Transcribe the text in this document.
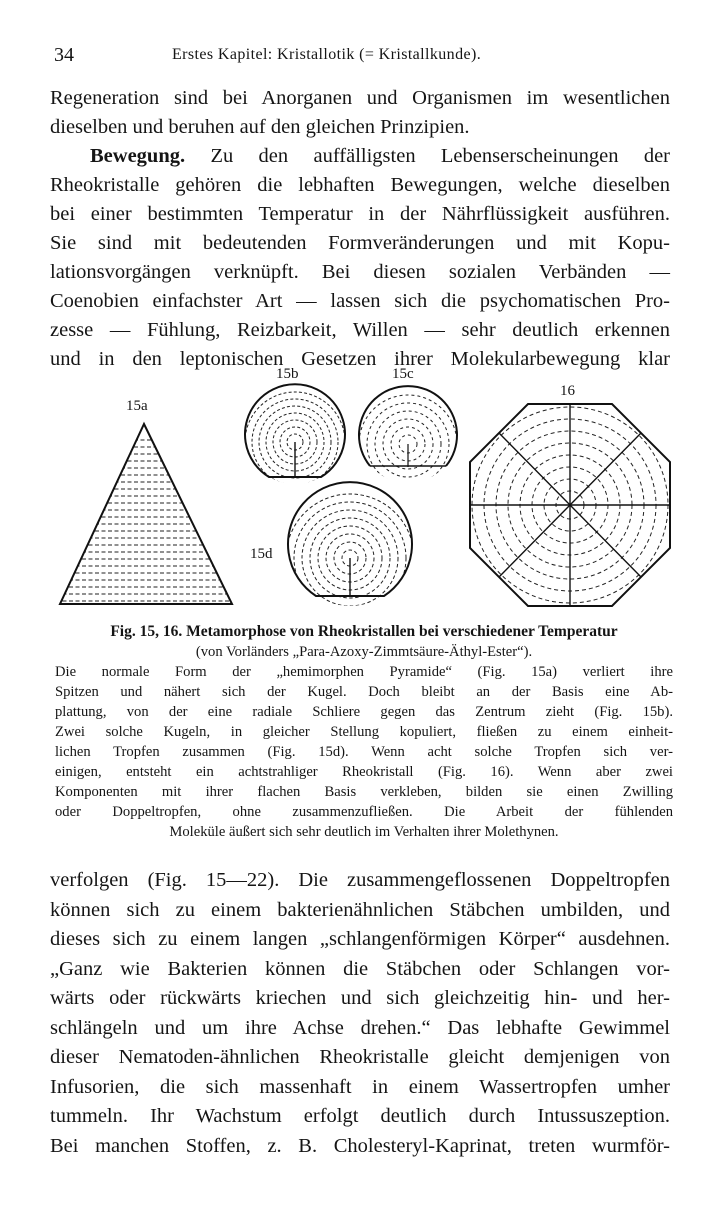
34	Erstes Kapitel: Kristallotik (= Kristallkunde).
Regeneration sind bei Anorganen und Organismen im wesentlichen
dieselben und beruhen auf den gleichen Prinzipien.
Bewegung. Zu den auffälligsten Lebenserscheinungen der
Rheokristalle gehören die lebhaften Bewegungen, welche dieselben
bei einer bestimmten Temperatur in der Nährflüssigkeit ausführen.
Sie sind mit bedeutenden Formveränderungen und mit Kopu-
lationsvorgängen verknüpft. Bei diesen sozialen Verbänden —
Coenobien einfachster Art — lassen sich die psychomatischen Pro-
zesse — Fühlung, Reizbarkeit, Willen — sehr deutlich erkennen
und in den leptonischen Gesetzen ihrer Molekularbewegung klar
15a
15b	15c
15d
16
Fig. 15, 16. Metamorphose von Rheokristallen bei verschiedener Temperatur
(von Vorländers „Para-Azoxy-Zimmtsäure-Äthyl-Ester“).
Die normale Form der „hemimorphen Pyramide“ (Fig. 15a) verliert ihre
Spitzen und nähert sich der Kugel. Doch bleibt an der Basis eine Ab-
plattung, von der eine radiale Schliere gegen das Zentrum zieht (Fig. 15b).
Zwei solche Kugeln, in gleicher Stellung kopuliert, fließen zu einem einheit-
lichen Tropfen zusammen (Fig. 15d). Wenn acht solche Tropfen sich ver-
einigen, entsteht ein achtstrahliger Rheokristall (Fig. 16). Wenn aber zwei
Komponenten mit ihrer flachen Basis verkleben, bilden sie einen Zwilling
oder Doppeltropfen, ohne zusammenzufließen. Die Arbeit der fühlenden
Moleküle äußert sich sehr deutlich im Verhalten ihrer Molethynen.
verfolgen (Fig. 15—22). Die zusammengeflossenen Doppeltropfen
können sich zu einem bakterienähnlichen Stäbchen umbilden, und
dieses sich zu einem langen „schlangenförmigen Körper“ ausdehnen.
„Ganz wie Bakterien können die Stäbchen oder Schlangen vor-
wärts oder rückwärts kriechen und sich gleichzeitig hin- und her-
schlängeln und um ihre Achse drehen.“ Das lebhafte Gewimmel
dieser Nematoden-ähnlichen Rheokristalle gleicht demjenigen von
Infusorien, die sich massenhaft in einem Wassertropfen umher
tummeln. Ihr Wachstum erfolgt deutlich durch Intussuszeption.
Bei manchen Stoffen, z. B. Cholesteryl-Kaprinat, treten wurmför-
